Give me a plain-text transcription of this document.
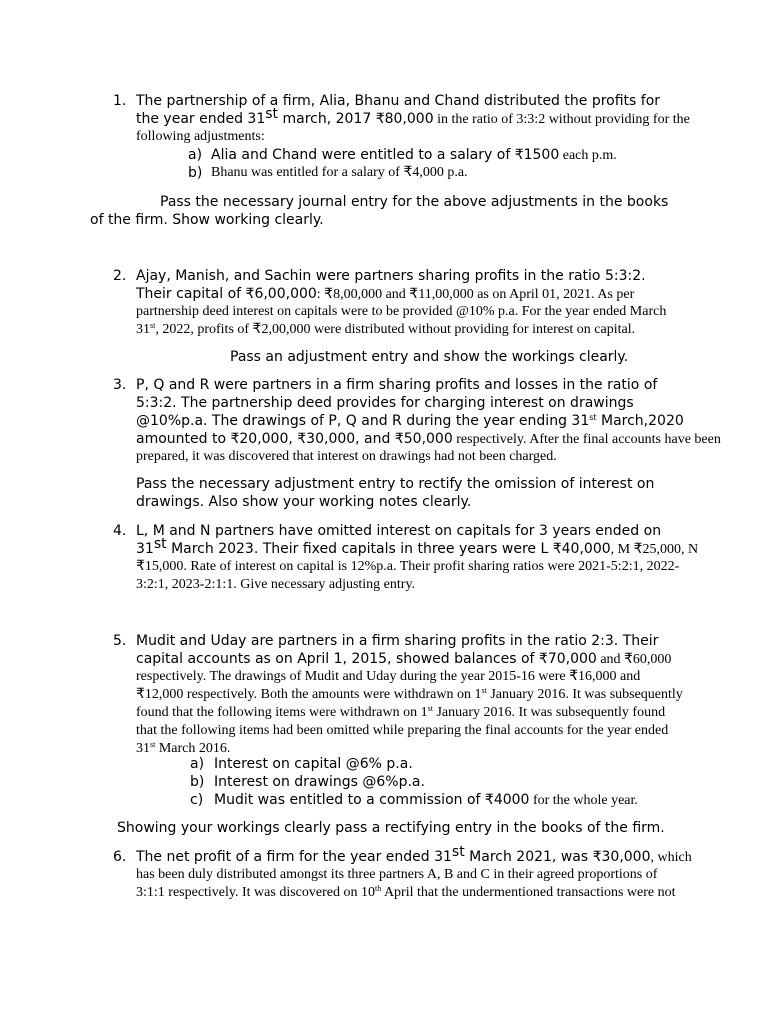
1. The partnership of a firm, Alia, Bhanu and Chand distributed the profits for
the year ended 31st march, 2017 ₹80,000 in the ratio of 3:3:2 without providing for the
following adjustments:
a) Alia and Chand were entitled to a salary of ₹1500 each p.m.
b) Bhanu was entitled for a salary of ₹4,000 p.a.
Pass the necessary journal entry for the above adjustments in the books
of the firm. Show working clearly.
2. Ajay, Manish, and Sachin were partners sharing profits in the ratio 5:3:2.
Their capital of ₹6,00,000: ₹8,00,000 and ₹11,00,000 as on April 01, 2021. As per
partnership deed interest on capitals were to be provided @10% p.a. For the year ended March
31st, 2022, profits of ₹2,00,000 were distributed without providing for interest on capital.
Pass an adjustment entry and show the workings clearly.
3. P, Q and R were partners in a firm sharing profits and losses in the ratio of
5:3:2. The partnership deed provides for charging interest on drawings
@10%p.a. The drawings of P, Q and R during the year ending 31st March,2020
amounted to ₹20,000, ₹30,000, and ₹50,000 respectively. After the final accounts have been
prepared, it was discovered that interest on drawings had not been charged.
Pass the necessary adjustment entry to rectify the omission of interest on
drawings. Also show your working notes clearly.
4. L, M and N partners have omitted interest on capitals for 3 years ended on
31st March 2023. Their fixed capitals in three years were L ₹40,000, M ₹25,000, N
₹15,000. Rate of interest on capital is 12%p.a. Their profit sharing ratios were 2021-5:2:1, 2022-
3:2:1, 2023-2:1:1. Give necessary adjusting entry.
5. Mudit and Uday are partners in a firm sharing profits in the ratio 2:3. Their
capital accounts as on April 1, 2015, showed balances of ₹70,000 and ₹60,000
respectively. The drawings of Mudit and Uday during the year 2015-16 were ₹16,000 and
₹12,000 respectively. Both the amounts were withdrawn on 1st January 2016. It was subsequently
found that the following items were withdrawn on 1st January 2016. It was subsequently found
that the following items had been omitted while preparing the final accounts for the year ended
31st March 2016.
a) Interest on capital @6% p.a.
b) Interest on drawings @6%p.a.
c) Mudit was entitled to a commission of ₹4000 for the whole year.
Showing your workings clearly pass a rectifying entry in the books of the firm.
6. The net profit of a firm for the year ended 31st March 2021, was ₹30,000, which
has been duly distributed amongst its three partners A, B and C in their agreed proportions of
3:1:1 respectively. It was discovered on 10th April that the undermentioned transactions were not
